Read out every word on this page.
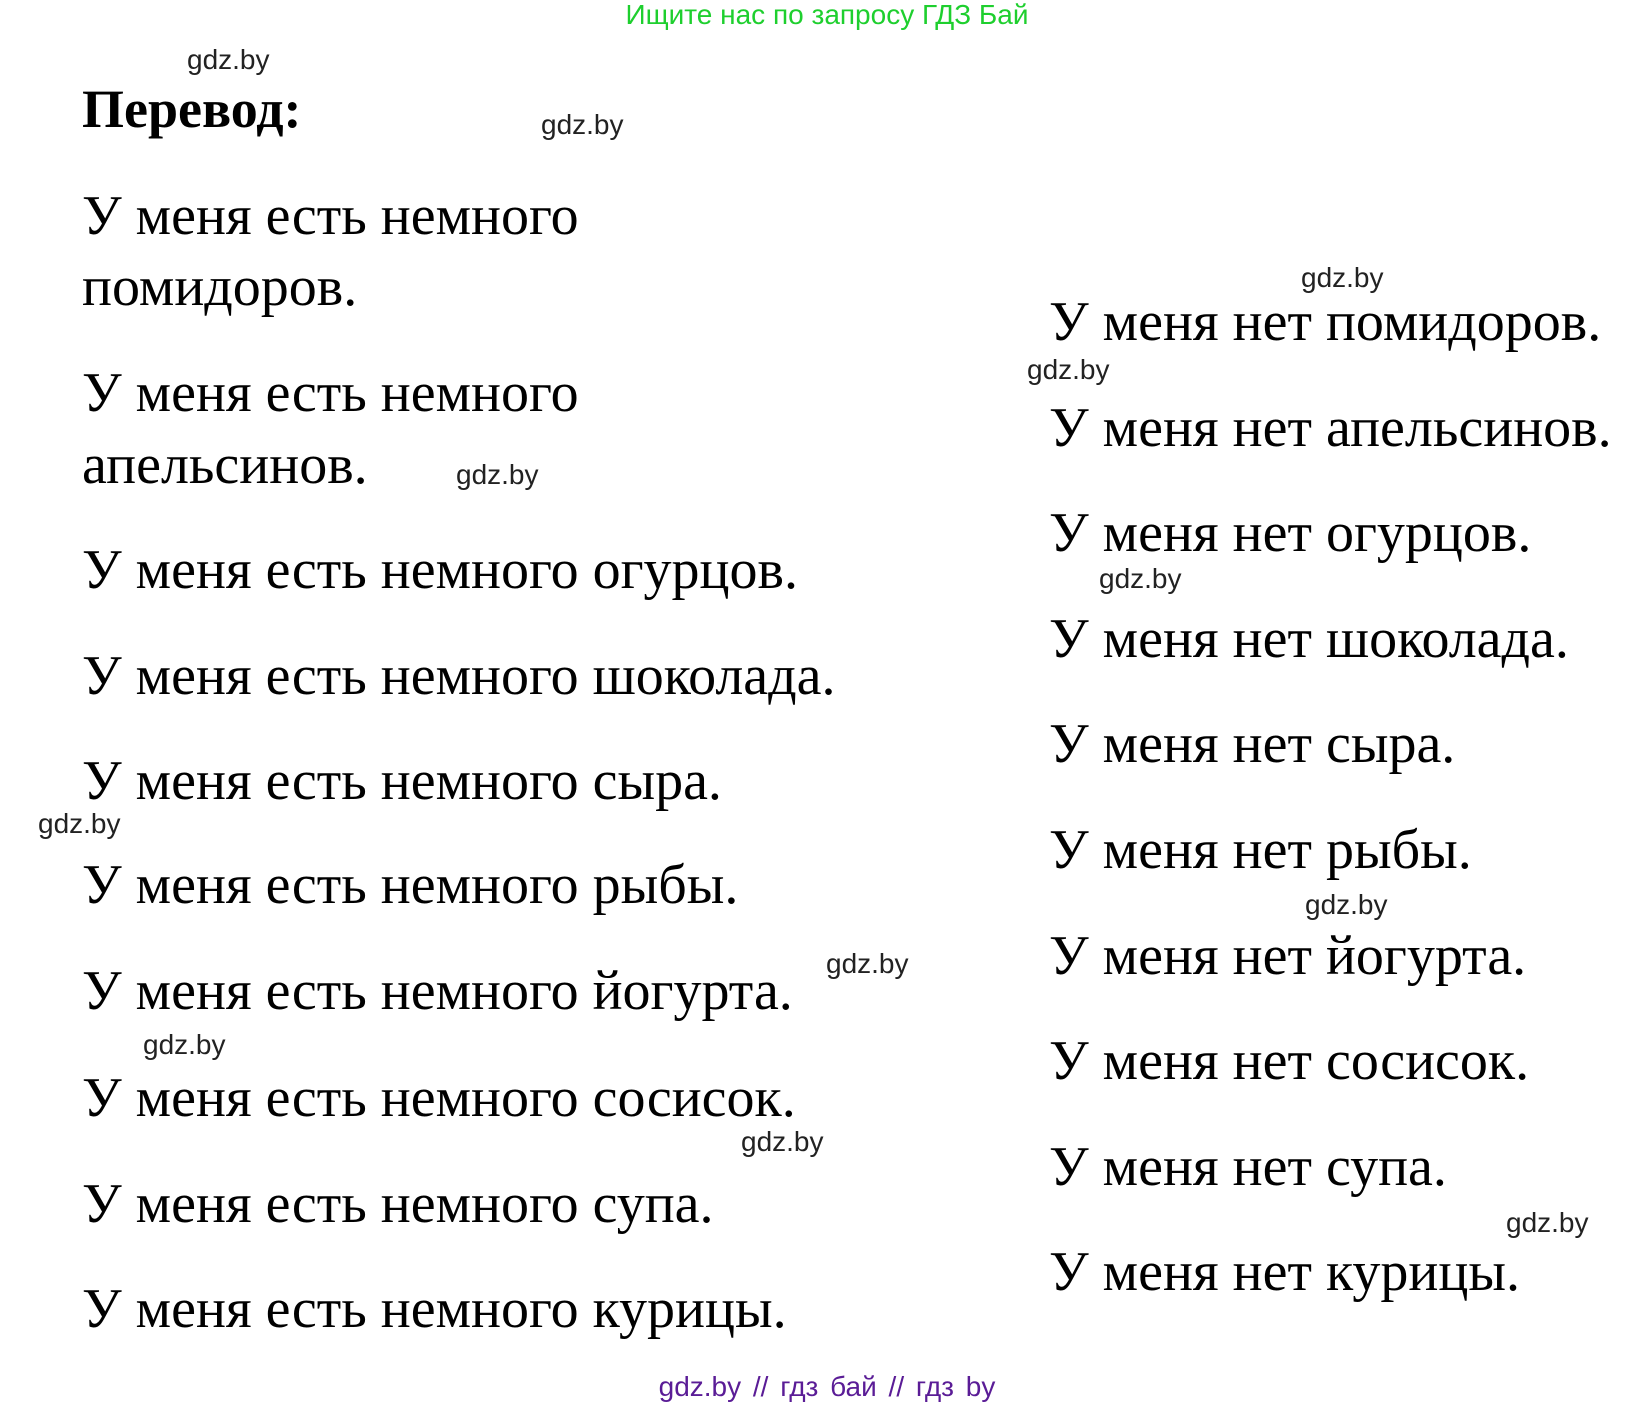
Ищите нас по запросу ГДЗ Бай
Перевод:
У меня есть немного
помидоров.
У меня есть немного
апельсинов.
У меня есть немного огурцов.
У меня есть немного шоколада.
У меня есть немного сыра.
У меня есть немного рыбы.
У меня есть немного йогурта.
У меня есть немного сосисок.
У меня есть немного супа.
У меня есть немного курицы.
У меня нет помидоров.
У меня нет апельсинов.
У меня нет огурцов.
У меня нет шоколада.
У меня нет сыра.
У меня нет рыбы.
У меня нет йогурта.
У меня нет сосисок.
У меня нет супа.
У меня нет курицы.
gdz.by
gdz.by
gdz.by
gdz.by
gdz.by
gdz.by
gdz.by
gdz.by
gdz.by
gdz.by
gdz.by
gdz.by
gdz.by // гдз бай // гдз by
